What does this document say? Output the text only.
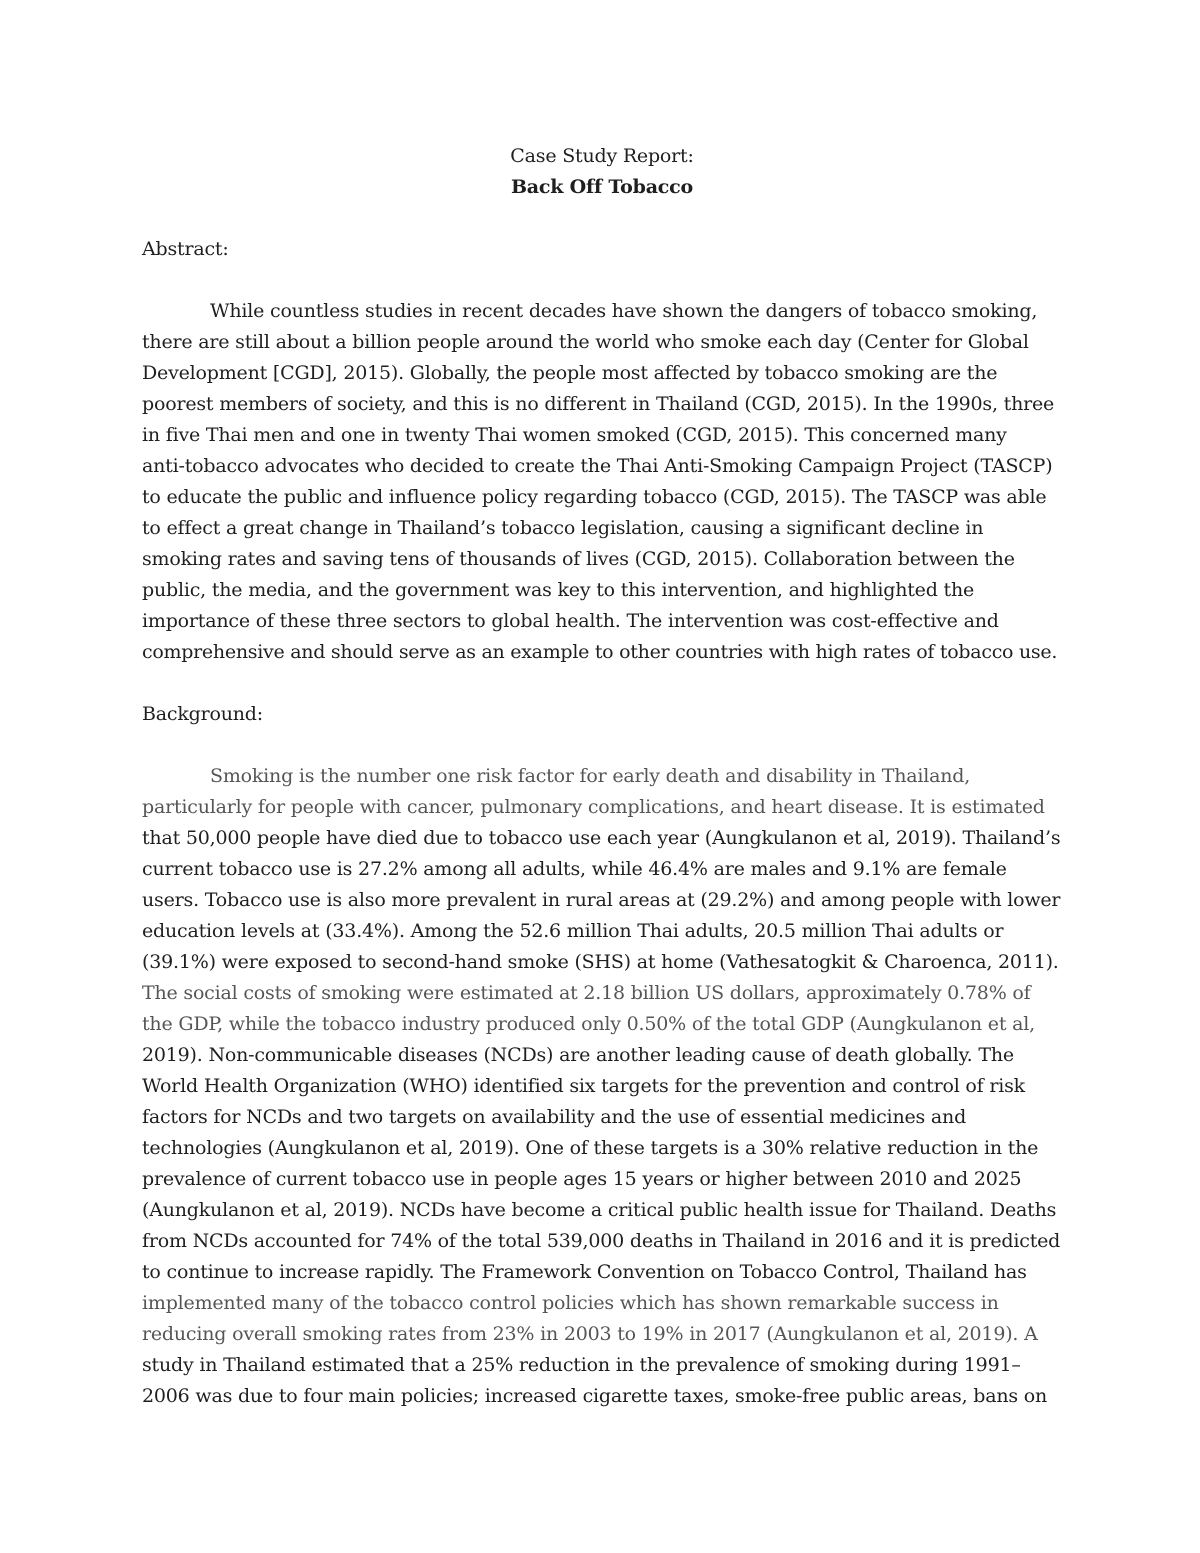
Case Study Report:

Back Off Tobacco

Abstract:

While countless studies in recent decades have shown the dangers of tobacco smoking,
there are still about a billion people around the world who smoke each day (Center for Global
Development [CGD], 2015). Globally, the people most affected by tobacco smoking are the
poorest members of society, and this is no different in Thailand (CGD, 2015). In the 1990s, three
in five Thai men and one in twenty Thai women smoked (CGD, 2015). This concerned many
anti-tobacco advocates who decided to create the Thai Anti-Smoking Campaign Project (TASCP)
to educate the public and influence policy regarding tobacco (CGD, 2015). The TASCP was able
to effect a great change in Thailand’s tobacco legislation, causing a significant decline in
smoking rates and saving tens of thousands of lives (CGD, 2015). Collaboration between the
public, the media, and the government was key to this intervention, and highlighted the
importance of these three sectors to global health. The intervention was cost-effective and
comprehensive and should serve as an example to other countries with high rates of tobacco use.

Background:

Smoking is the number one risk factor for early death and disability in Thailand,
particularly for people with cancer, pulmonary complications, and heart disease. It is estimated
that 50,000 people have died due to tobacco use each year (Aungkulanon et al, 2019). Thailand’s
current tobacco use is 27.2% among all adults, while 46.4% are males and 9.1% are female
users. Tobacco use is also more prevalent in rural areas at (29.2%) and among people with lower
education levels at (33.4%). Among the 52.6 million Thai adults, 20.5 million Thai adults or
(39.1%) were exposed to second-hand smoke (SHS) at home (Vathesatogkit & Charoenca, 2011).
The social costs of smoking were estimated at 2.18 billion US dollars, approximately 0.78% of
the GDP, while the tobacco industry produced only 0.50% of the total GDP (Aungkulanon et al,
2019). Non-communicable diseases (NCDs) are another leading cause of death globally. The
World Health Organization (WHO) identified six targets for the prevention and control of risk
factors for NCDs and two targets on availability and the use of essential medicines and
technologies (Aungkulanon et al, 2019). One of these targets is a 30% relative reduction in the
prevalence of current tobacco use in people ages 15 years or higher between 2010 and 2025
(Aungkulanon et al, 2019). NCDs have become a critical public health issue for Thailand. Deaths
from NCDs accounted for 74% of the total 539,000 deaths in Thailand in 2016 and it is predicted
to continue to increase rapidly. The Framework Convention on Tobacco Control, Thailand has
implemented many of the tobacco control policies which has shown remarkable success in
reducing overall smoking rates from 23% in 2003 to 19% in 2017 (Aungkulanon et al, 2019). A
study in Thailand estimated that a 25% reduction in the prevalence of smoking during 1991–
2006 was due to four main policies; increased cigarette taxes, smoke-free public areas, bans on
